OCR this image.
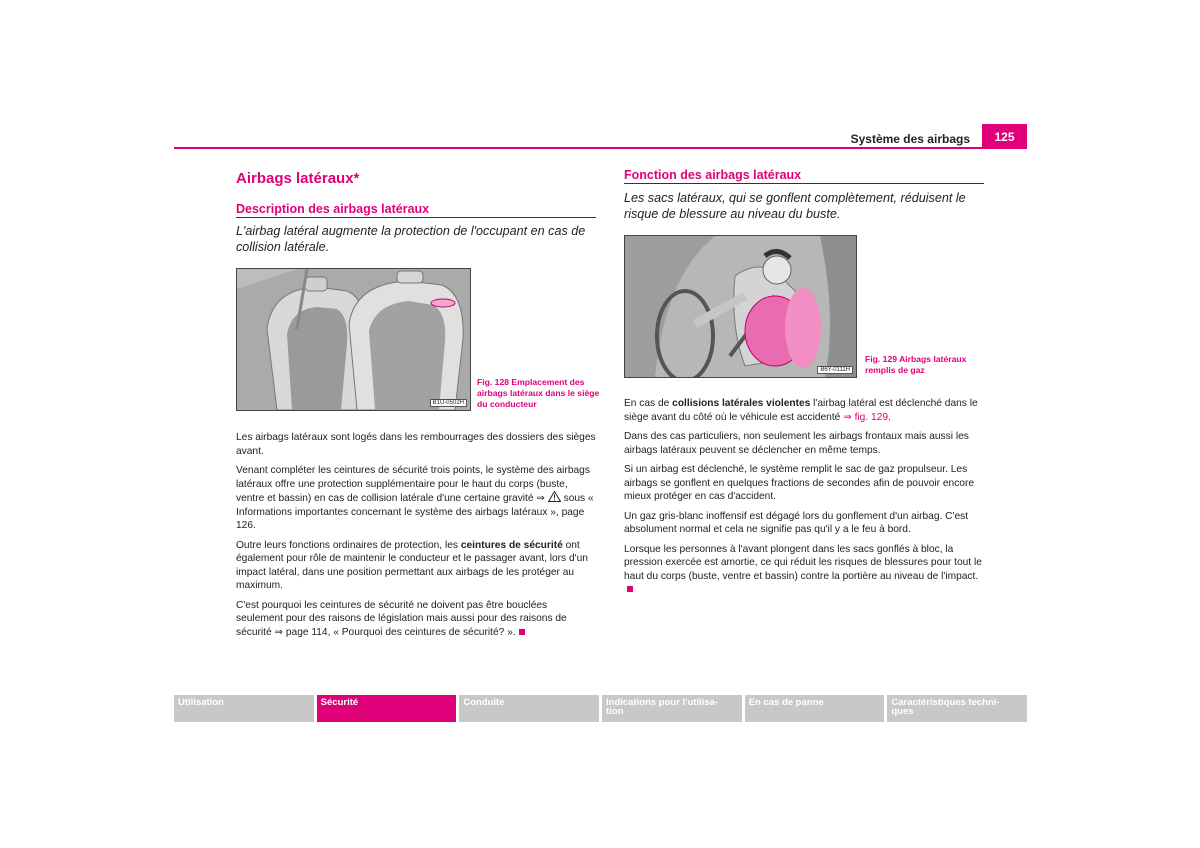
Système des airbags	125
Airbags latéraux*
Description des airbags latéraux
L'airbag latéral augmente la protection de l'occupant en cas de collision latérale.
B1U-0502H
Fig. 128 Emplacement des
airbags latéraux dans le siège
du conducteur

Les airbags latéraux sont logés dans les rembourrages des dossiers des sièges avant.

Venant compléter les ceintures de sécurité trois points, le système des airbags latéraux offre une protection supplémentaire pour le haut du corps (buste, ventre et bassin) en cas de collision latérale d'une certaine gravité ⇒ sous « Informations importantes concernant le système des airbags latéraux », page 126.

Outre leurs fonctions ordinaires de protection, les ceintures de sécurité ont également pour rôle de maintenir le conducteur et le passager avant, lors d'un impact latéral, dans une position permettant aux airbags de les protéger au maximum.

C'est pourquoi les ceintures de sécurité ne doivent pas être bouclées seulement pour des raisons de législation mais aussi pour des raisons de sécurité ⇒ page 114, « Pourquoi des ceintures de sécurité? ».

Fonction des airbags latéraux
Les sacs latéraux, qui se gonflent complètement, réduisent le risque de blessure au niveau du buste.
B6Y-0111H
Fig. 129 Airbags latéraux
remplis de gaz

En cas de collisions latérales violentes l'airbag latéral est déclenché dans le siège avant du côté où le véhicule est accidenté ⇒ fig. 129.

Dans des cas particuliers, non seulement les airbags frontaux mais aussi les airbags latéraux peuvent se déclencher en même temps.

Si un airbag est déclenché, le système remplit le sac de gaz propulseur. Les airbags se gonflent en quelques fractions de secondes afin de pouvoir encore mieux protéger en cas d'accident.

Un gaz gris-blanc inoffensif est dégagé lors du gonflement d'un airbag. C'est absolument normal et cela ne signifie pas qu'il y a le feu à bord.

Lorsque les personnes à l'avant plongent dans les sacs gonflés à bloc, la pression exercée est amortie, ce qui réduit les risques de blessures pour tout le haut du corps (buste, ventre et bassin) contre la portière au niveau de l'impact.

Utilisation	Sécurité	Conduite	Indications pour l'utilisa- tion
En cas de panne	Caractéristiques techni- ques
